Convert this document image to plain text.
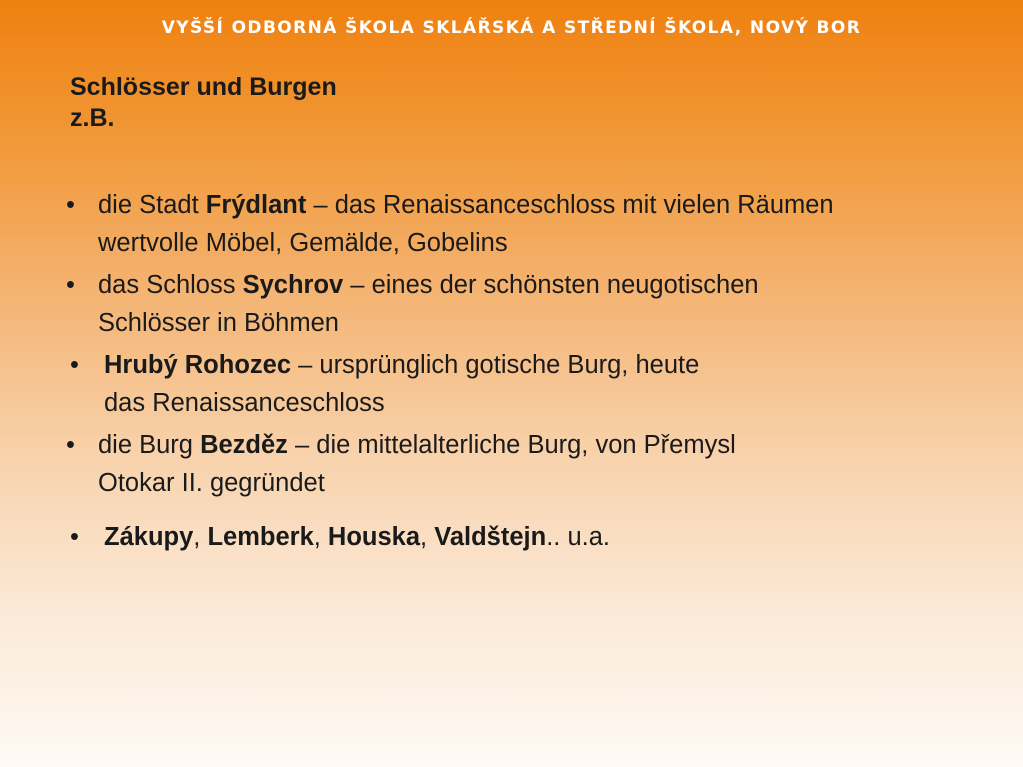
VYŠŠÍ ODBORNÁ ŠKOLA SKLÁŘSKÁ A STŘEDNÍ ŠKOLA, NOVÝ BOR
Schlösser und Burgen
z.B.
• die Stadt Frýdlant – das Renaissanceschloss mit vielen Räumen
wertvolle Möbel, Gemälde, Gobelins
• das Schloss Sychrov – eines der schönsten neugotischen
Schlösser in Böhmen
• Hrubý Rohozec – ursprünglich gotische Burg, heute
das Renaissanceschloss
• die Burg Bezděz – die mittelalterliche Burg, von Přemysl
Otokar II. gegründet
• Zákupy, Lemberk, Houska, Valdštejn.. u.a.
